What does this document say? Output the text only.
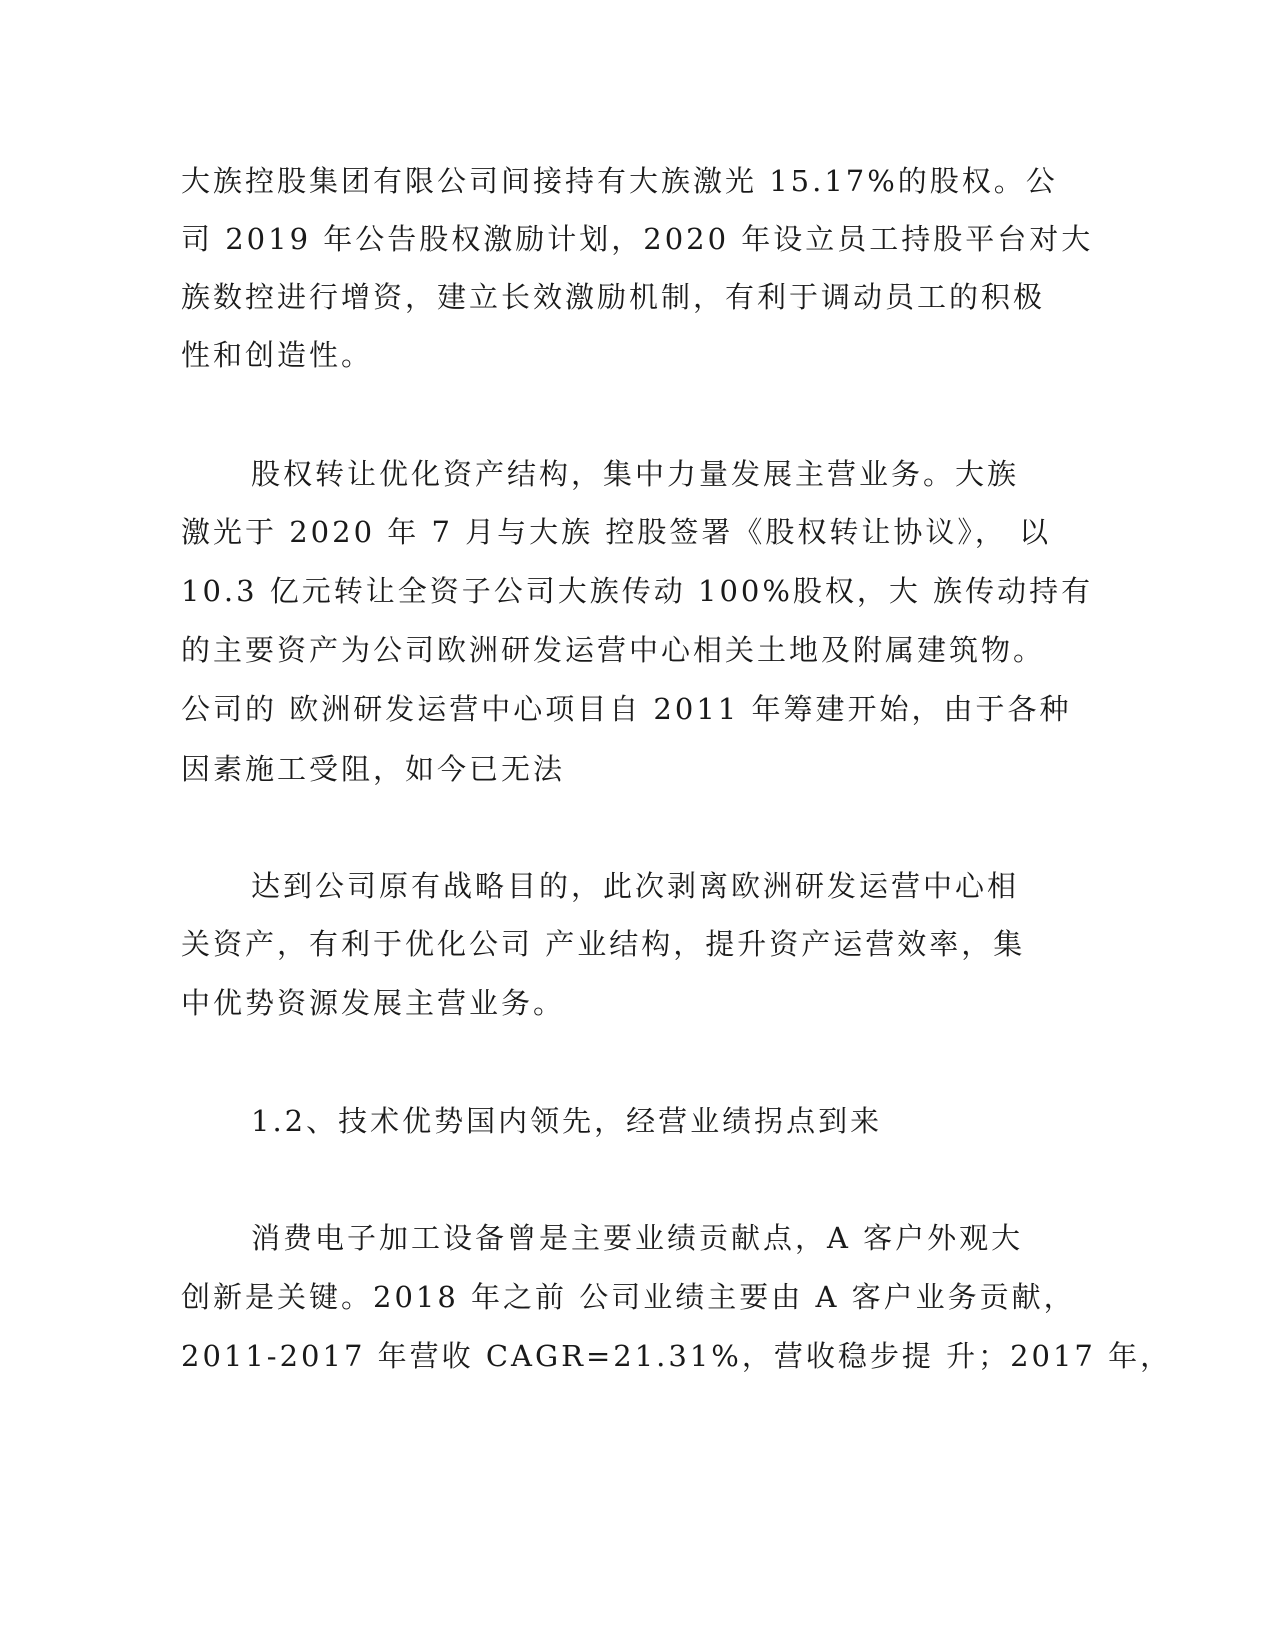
大族控股集团有限公司间接持有大族激光 15.17%的股权。公
司 2019 年公告股权激励计划，2020 年设立员工持股平台对大
族数控进行增资，建立长效激励机制，有利于调动员工的积极
性和创造性。
股权转让优化资产结构，集中力量发展主营业务。大族
激光于 2020 年 7 月与大族 控股签署《股权转让协议》， 以
10.3 亿元转让全资子公司大族传动 100%股权，大 族传动持有
的主要资产为公司欧洲研发运营中心相关土地及附属建筑物。
公司的 欧洲研发运营中心项目自 2011 年筹建开始，由于各种
因素施工受阻，如今已无法
达到公司原有战略目的，此次剥离欧洲研发运营中心相
关资产，有利于优化公司 产业结构，提升资产运营效率，集
中优势资源发展主营业务。
1.2、技术优势国内领先，经营业绩拐点到来
消费电子加工设备曾是主要业绩贡献点，A 客户外观大
创新是关键。2018 年之前 公司业绩主要由 A 客户业务贡献，
2011-2017 年营收 CAGR=21.31%，营收稳步提 升；2017 年，
